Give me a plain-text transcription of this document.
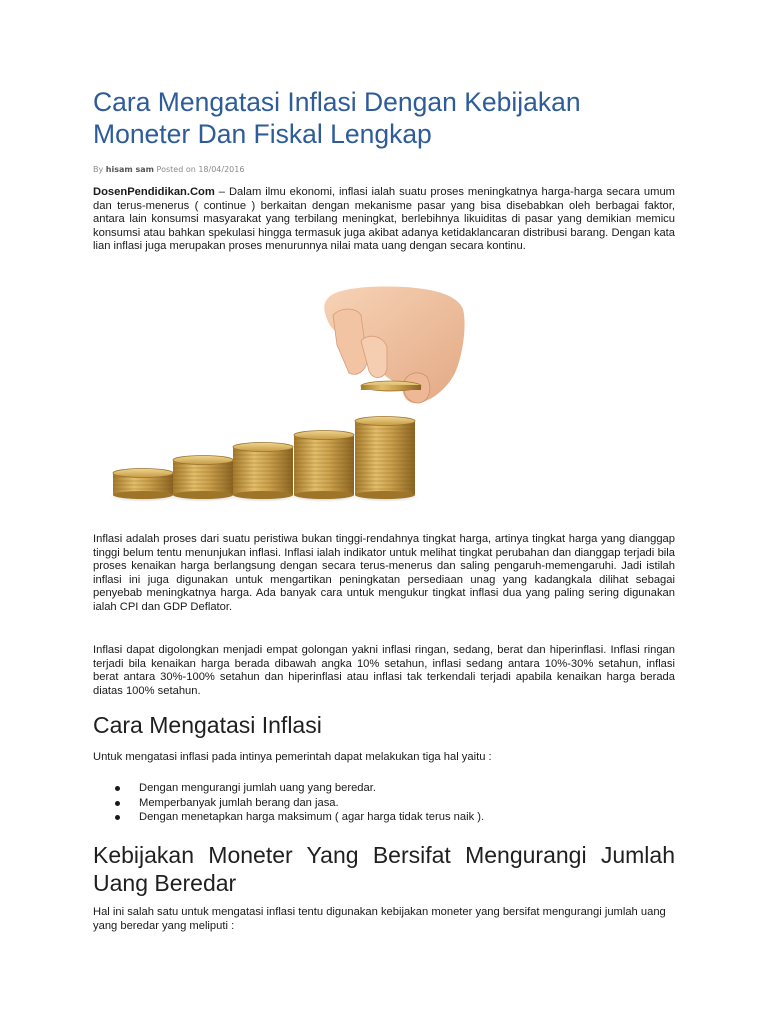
Cara Mengatasi Inflasi Dengan Kebijakan Moneter Dan Fiskal Lengkap
By hisam sam Posted on 18/04/2016

DosenPendidikan.Com – Dalam ilmu ekonomi, inflasi ialah suatu proses meningkatnya harga-harga secara umum dan terus-menerus ( continue ) berkaitan dengan mekanisme pasar yang bisa disebabkan oleh berbagai faktor, antara lain konsumsi masyarakat yang terbilang meningkat, berlebihnya likuiditas di pasar yang demikian memicu konsumsi atau bahkan spekulasi hingga termasuk juga akibat adanya ketidaklancaran distribusi barang. Dengan kata lian inflasi juga merupakan proses menurunnya nilai mata uang dengan secara kontinu.

Inflasi adalah proses dari suatu peristiwa bukan tinggi-rendahnya tingkat harga, artinya tingkat harga yang dianggap tinggi belum tentu menunjukan inflasi. Inflasi ialah indikator untuk melihat tingkat perubahan dan dianggap terjadi bila proses kenaikan harga berlangsung dengan secara terus-menerus dan saling pengaruh-memengaruhi. Jadi istilah inflasi ini juga digunakan untuk mengartikan peningkatan persediaan unag yang kadangkala dilihat sebagai penyebab meningkatnya harga. Ada banyak cara untuk mengukur tingkat inflasi dua yang paling sering digunakan ialah CPI dan GDP Deflator.

Inflasi dapat digolongkan menjadi empat golongan yakni inflasi ringan, sedang, berat dan hiperinflasi. Inflasi ringan terjadi bila kenaikan harga berada dibawah angka 10% setahun, inflasi sedang antara 10%-30% setahun, inflasi berat antara 30%-100% setahun dan hiperinflasi atau inflasi tak terkendali terjadi apabila kenaikan harga berada diatas 100% setahun.

Cara Mengatasi Inflasi

Untuk mengatasi inflasi pada intinya pemerintah dapat melakukan tiga hal yaitu :

Dengan mengurangi jumlah uang yang beredar.
Memperbanyak jumlah berang dan jasa.
Dengan menetapkan harga maksimum ( agar harga tidak terus naik ).
Kebijakan Moneter Yang Bersifat Mengurangi Jumlah Uang Beredar

Hal ini salah satu untuk mengatasi inflasi tentu digunakan kebijakan moneter yang bersifat mengurangi jumlah uang yang beredar yang meliputi :
